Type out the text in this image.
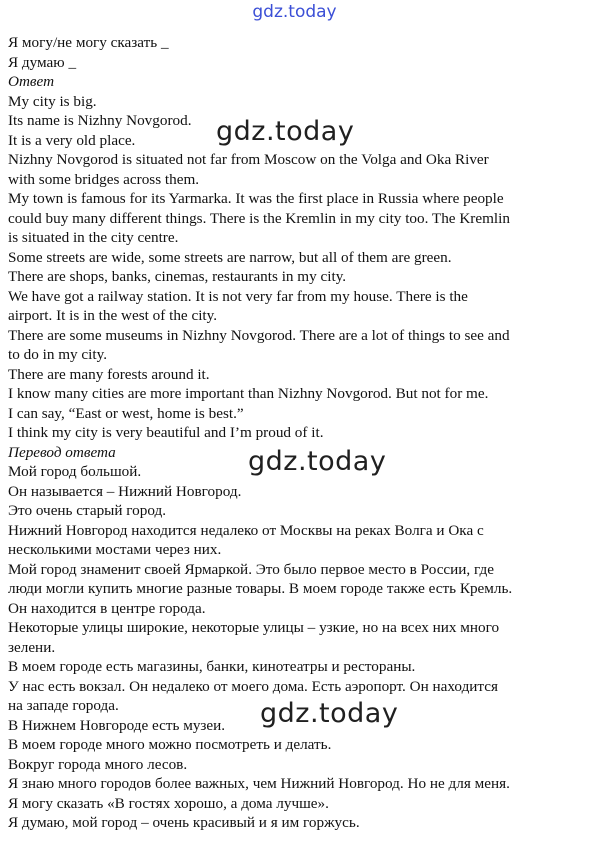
gdz.today

Я могу/не могу сказать _

Я думаю _

Ответ

My city is big.

Its name is Nizhny Novgorod.

It is a very old place.

Nizhny Novgorod is situated not far from Moscow on the Volga and Oka River

with some bridges across them.

My town is famous for its Yarmarka. It was the first place in Russia where people

could buy many different things. There is the Kremlin in my city too. The Kremlin

is situated in the city centre.

Some streets are wide, some streets are narrow, but all of them are green.

There are shops, banks, cinemas, restaurants in my city.

We have got a railway station. It is not very far from my house. There is the

airport. It is in the west of the city.

There are some museums in Nizhny Novgorod. There are a lot of things to see and

to do in my city.

There are many forests around it.

I know many cities are more important than Nizhny Novgorod. But not for me.

I can say, “East or west, home is best.”

I think my city is very beautiful and I’m proud of it.

Перевод ответа

Мой город большой.

Он называется – Нижний Новгород.

Это очень старый город.

Нижний Новгород находится недалеко от Москвы на реках Волга и Ока с

несколькими мостами через них.

Мой город знаменит своей Ярмаркой. Это было первое место в России, где

люди могли купить многие разные товары. В моем городе также есть Кремль.

Он находится в центре города.

Некоторые улицы широкие, некоторые улицы – узкие, но на всех них много

зелени.

В моем городе есть магазины, банки, кинотеатры и рестораны.

У нас есть вокзал. Он недалеко от моего дома. Есть аэропорт. Он находится

на западе города.

В Нижнем Новгороде есть музеи.

В моем городе много можно посмотреть и делать.

Вокруг города много лесов.

Я знаю много городов более важных, чем Нижний Новгород. Но не для меня.

Я могу сказать «В гостях хорошо, а дома лучше».

Я думаю, мой город – очень красивый и я им горжусь.

gdz.today
gdz.today
gdz.today
